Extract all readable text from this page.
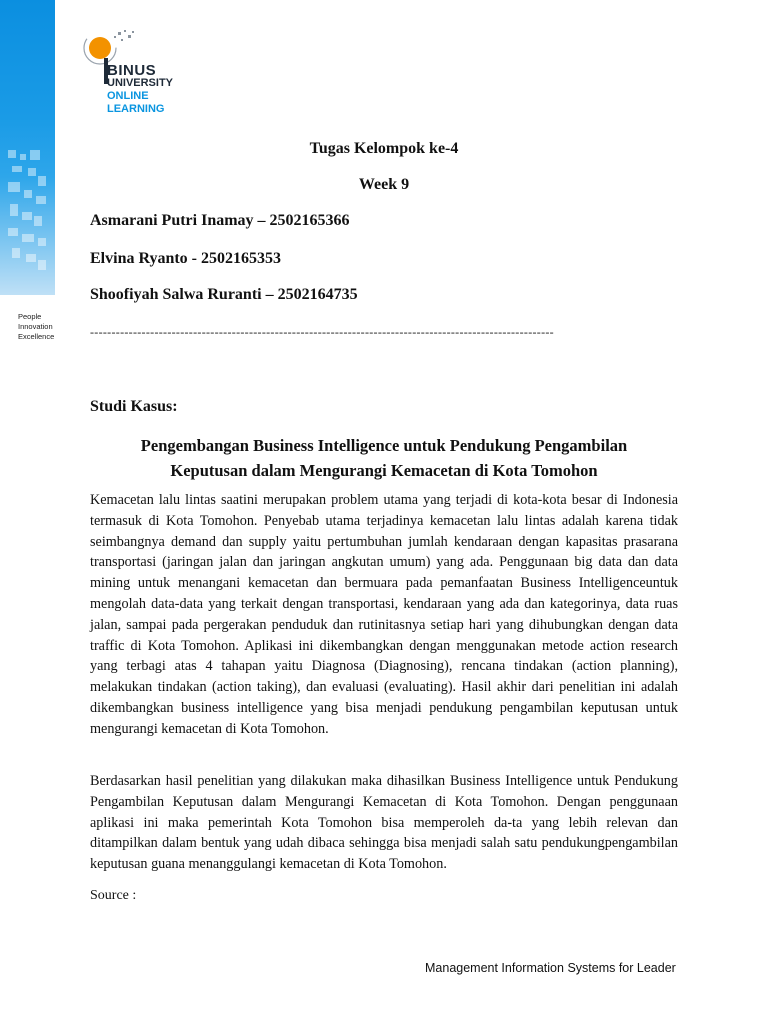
People
Innovation
Excellence
BINUS
UNIVERSITY
ONLINE
LEARNING
Tugas Kelompok ke-4
Week 9
Asmarani Putri Inamay – 2502165366
Elvina Ryanto - 2502165353
Shoofiyah Salwa Ruranti – 2502164735
------------------------------------------------------------------------------------------------------------
Studi Kasus:
Pengembangan Business Intelligence untuk Pendukung Pengambilan
Keputusan dalam Mengurangi Kemacetan di Kota Tomohon

Kemacetan lalu lintas saatini merupakan problem utama yang terjadi di kota-kota besar di Indonesia termasuk di Kota Tomohon. Penyebab utama terjadinya kemacetan lalu lintas adalah karena tidak seimbangnya demand dan supply yaitu pertumbuhan jumlah kendaraan dengan kapasitas prasarana transportasi (jaringan jalan dan jaringan angkutan umum) yang ada. Penggunaan big data dan data mining untuk menangani kemacetan dan bermuara pada pemanfaatan Business Intelligenceuntuk mengolah data-data yang terkait dengan transportasi, kendaraan yang ada dan kategorinya, data ruas jalan, sampai pada pergerakan penduduk dan rutinitasnya setiap hari yang dihubungkan dengan data traffic di Kota Tomohon. Aplikasi ini dikembangkan dengan menggunakan metode action research yang terbagi atas 4 tahapan yaitu Diagnosa (Diagnosing), rencana tindakan (action planning), melakukan tindakan (action taking), dan evaluasi (evaluating). Hasil akhir dari penelitian ini adalah dikembangkan business intelligence yang bisa menjadi pendukung pengambilan keputusan untuk mengurangi kemacetan di Kota Tomohon.

Berdasarkan hasil penelitian yang dilakukan maka dihasilkan Business Intelligence untuk Pendukung Pengambilan Keputusan dalam Mengurangi Kemacetan di Kota Tomohon. Dengan penggunaan aplikasi ini maka pemerintah Kota Tomohon bisa memperoleh da-ta yang lebih relevan dan ditampilkan dalam bentuk yang udah dibaca sehingga bisa menjadi salah satu pendukungpengambilan keputusan guana menanggulangi kemacetan di Kota Tomohon.

Source :
Management Information Systems for Leader
